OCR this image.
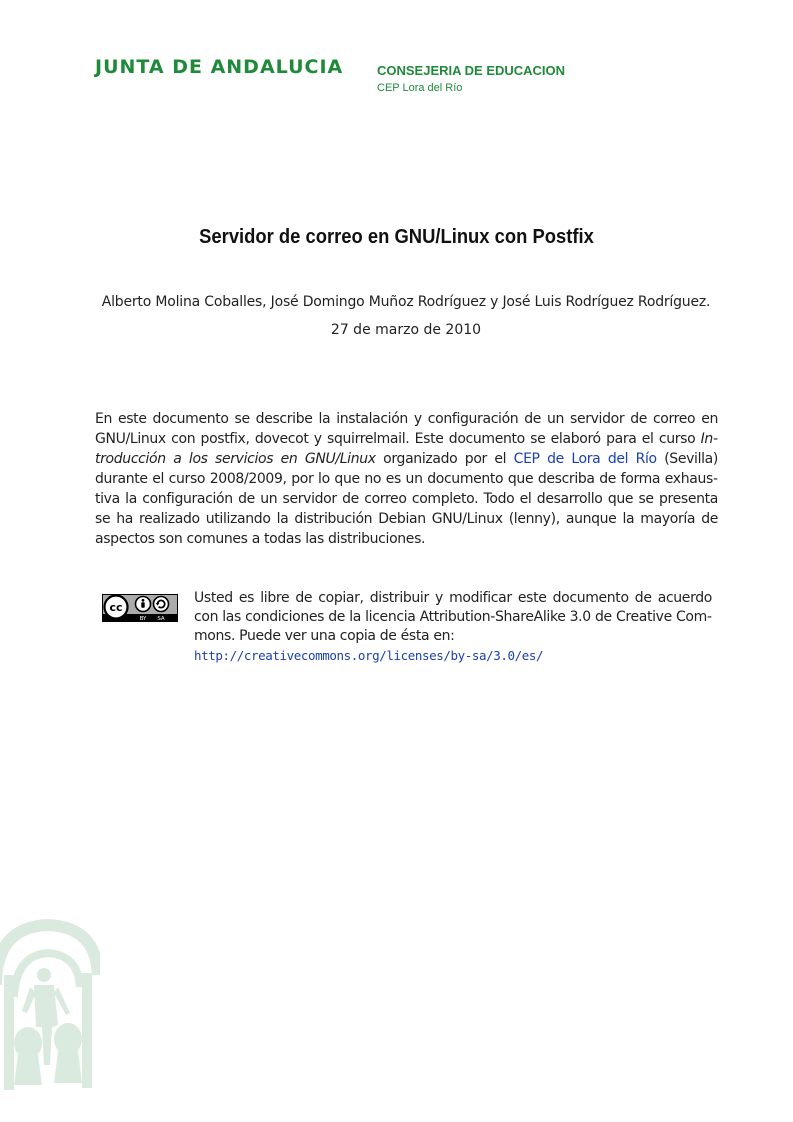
JUNTA DE ANDALUCIA	CONSEJERIA DE EDUCACION
CEP Lora del Río
Servidor de correo en GNU/Linux con Postfix
Alberto Molina Coballes, José Domingo Muñoz Rodríguez y José Luis Rodríguez Rodríguez.
27 de marzo de 2010
En este documento se describe la instalación y configuración de un servidor de correo en GNU/Linux con postfix, dovecot y squirrelmail. Este documento se elaboró para el curso Introducción a los servicios en GNU/Linux organizado por el CEP de Lora del Río (Sevilla) durante el curso 2008/2009, por lo que no es un documento que describa de forma exhaustiva la configuración de un servidor de correo completo. Todo el desarrollo que se presenta se ha realizado utilizando la distribución Debian GNU/Linux (lenny), aunque la mayoría de aspectos son comunes a todas las distribuciones.
cc
BY SA
Usted es libre de copiar, distribuir y modificar este documento de acuerdo con las condiciones de la licencia Attribution-ShareAlike 3.0 de Creative Commons. Puede ver una copia de ésta en:
http://creativecommons.org/licenses/by-sa/3.0/es/
